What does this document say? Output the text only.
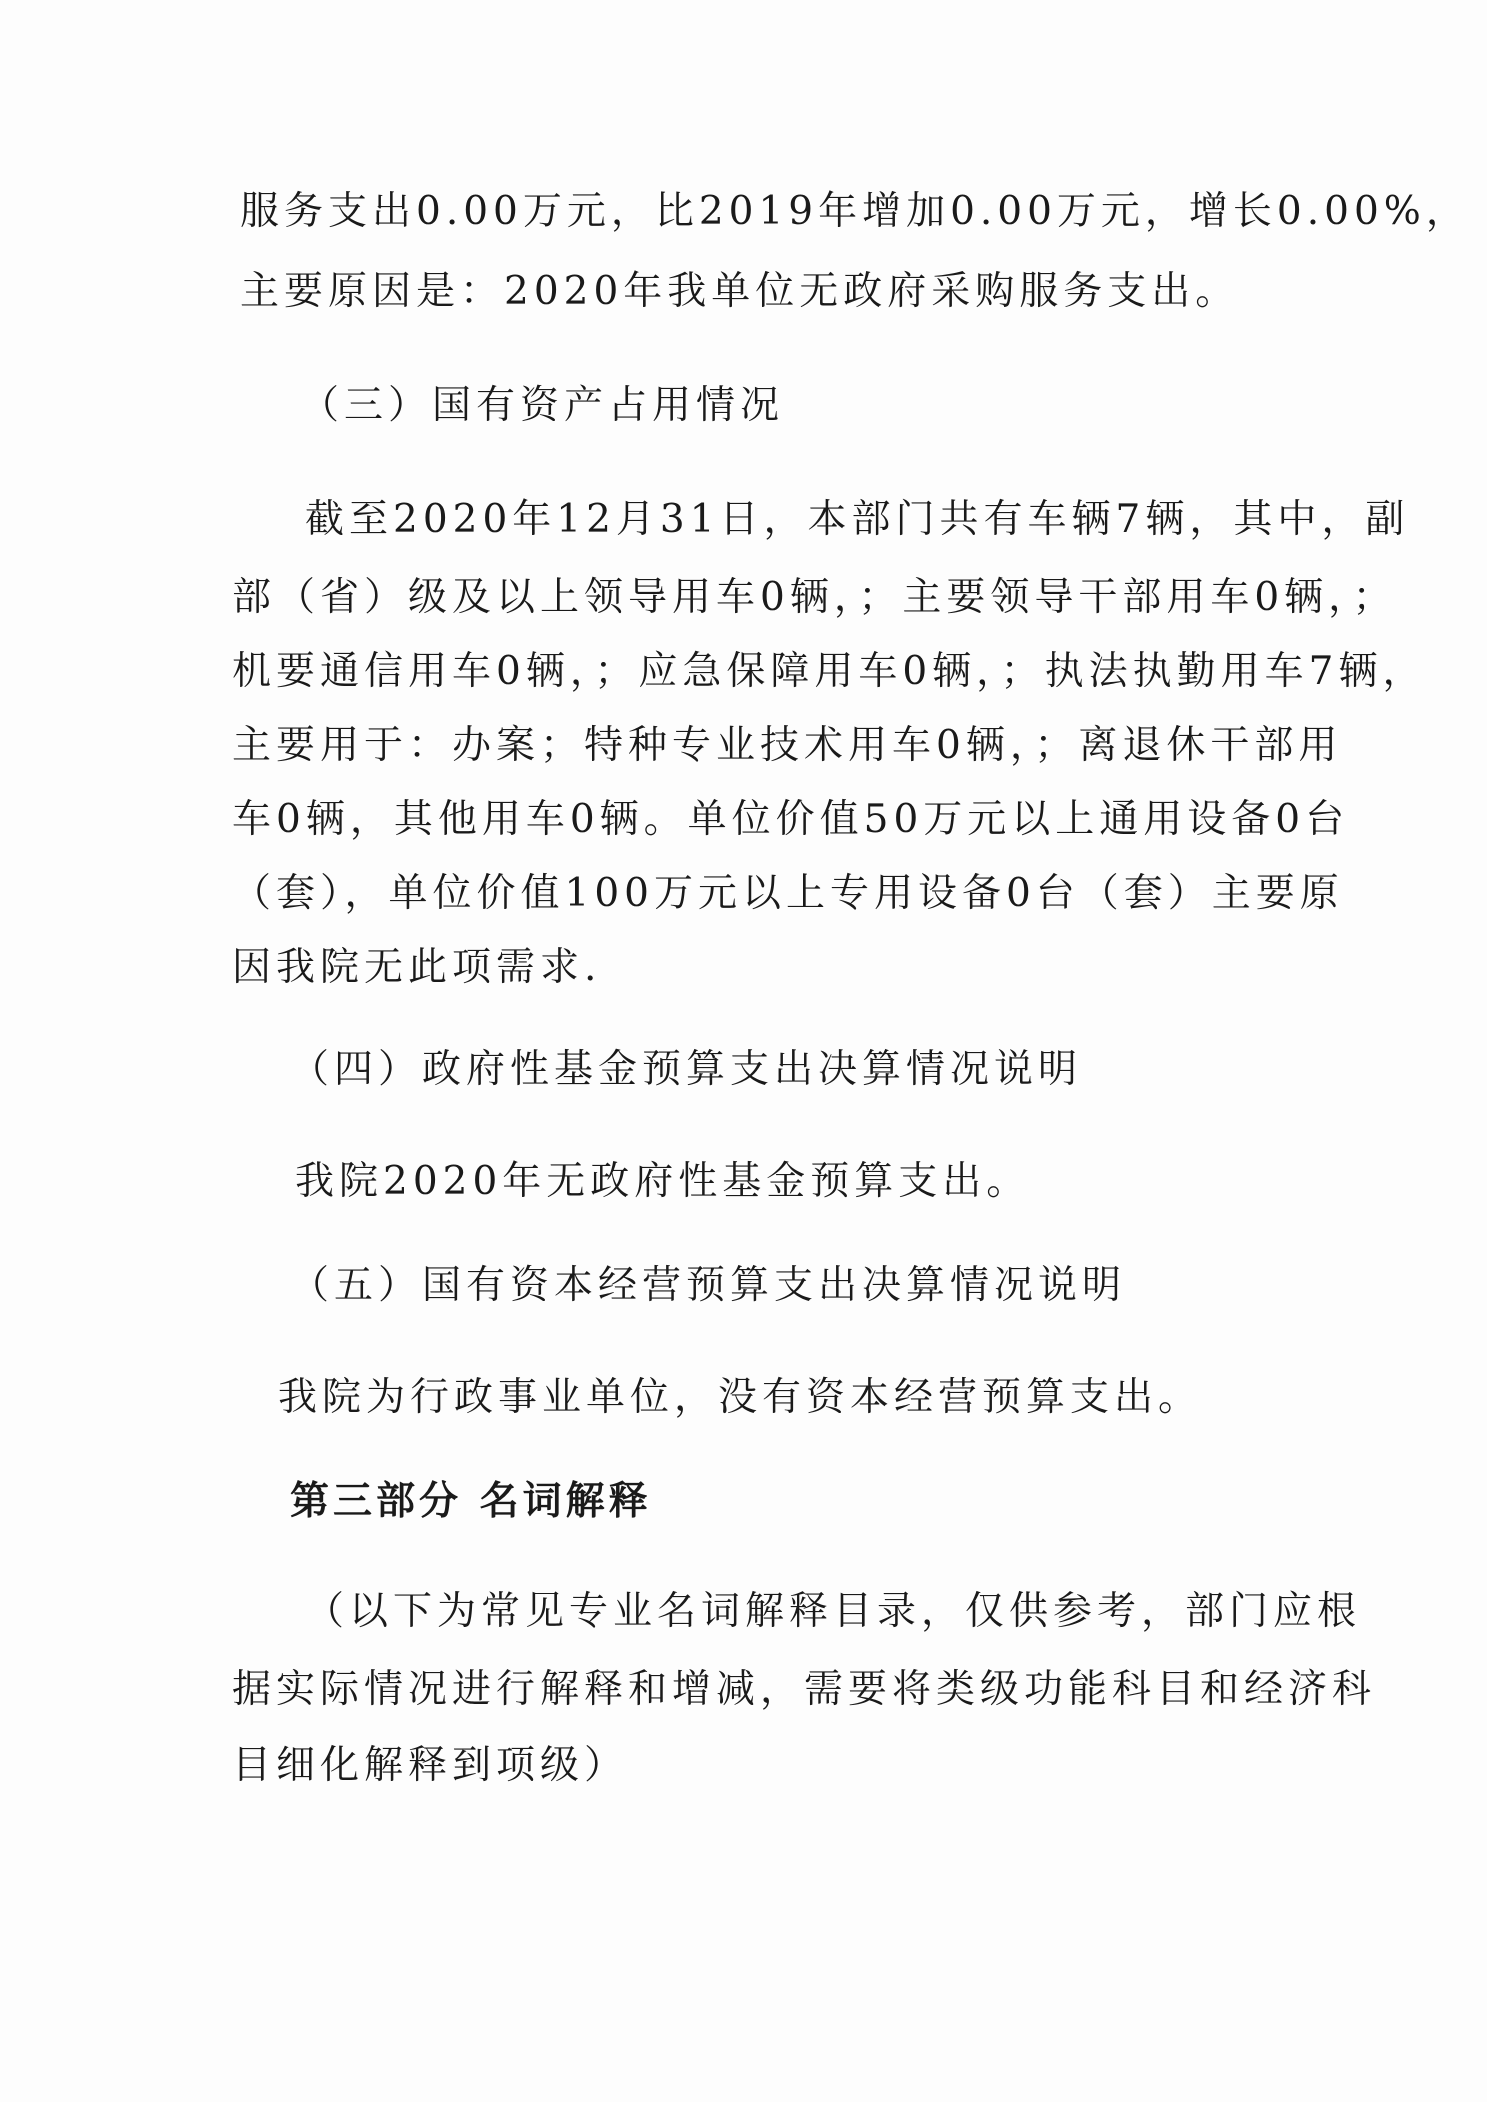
服务支出0.00万元，比2019年增加0.00万元，增长0.00%，
主要原因是：2020年我单位无政府采购服务支出。
（三）国有资产占用情况
截至2020年12月31日，本部门共有车辆7辆，其中，副
部（省）级及以上领导用车0辆，；主要领导干部用车0辆，；
机要通信用车0辆，；应急保障用车0辆，；执法执勤用车7辆，
主要用于：办案；特种专业技术用车0辆，；离退休干部用
车0辆，其他用车0辆。单位价值50万元以上通用设备0台
（套），单位价值100万元以上专用设备0台（套）主要原
因我院无此项需求.
（四）政府性基金预算支出决算情况说明
我院2020年无政府性基金预算支出。
（五）国有资本经营预算支出决算情况说明
我院为行政事业单位，没有资本经营预算支出。
第三部分 名词解释
（以下为常见专业名词解释目录，仅供参考，部门应根
据实际情况进行解释和增减，需要将类级功能科目和经济科
目细化解释到项级）
